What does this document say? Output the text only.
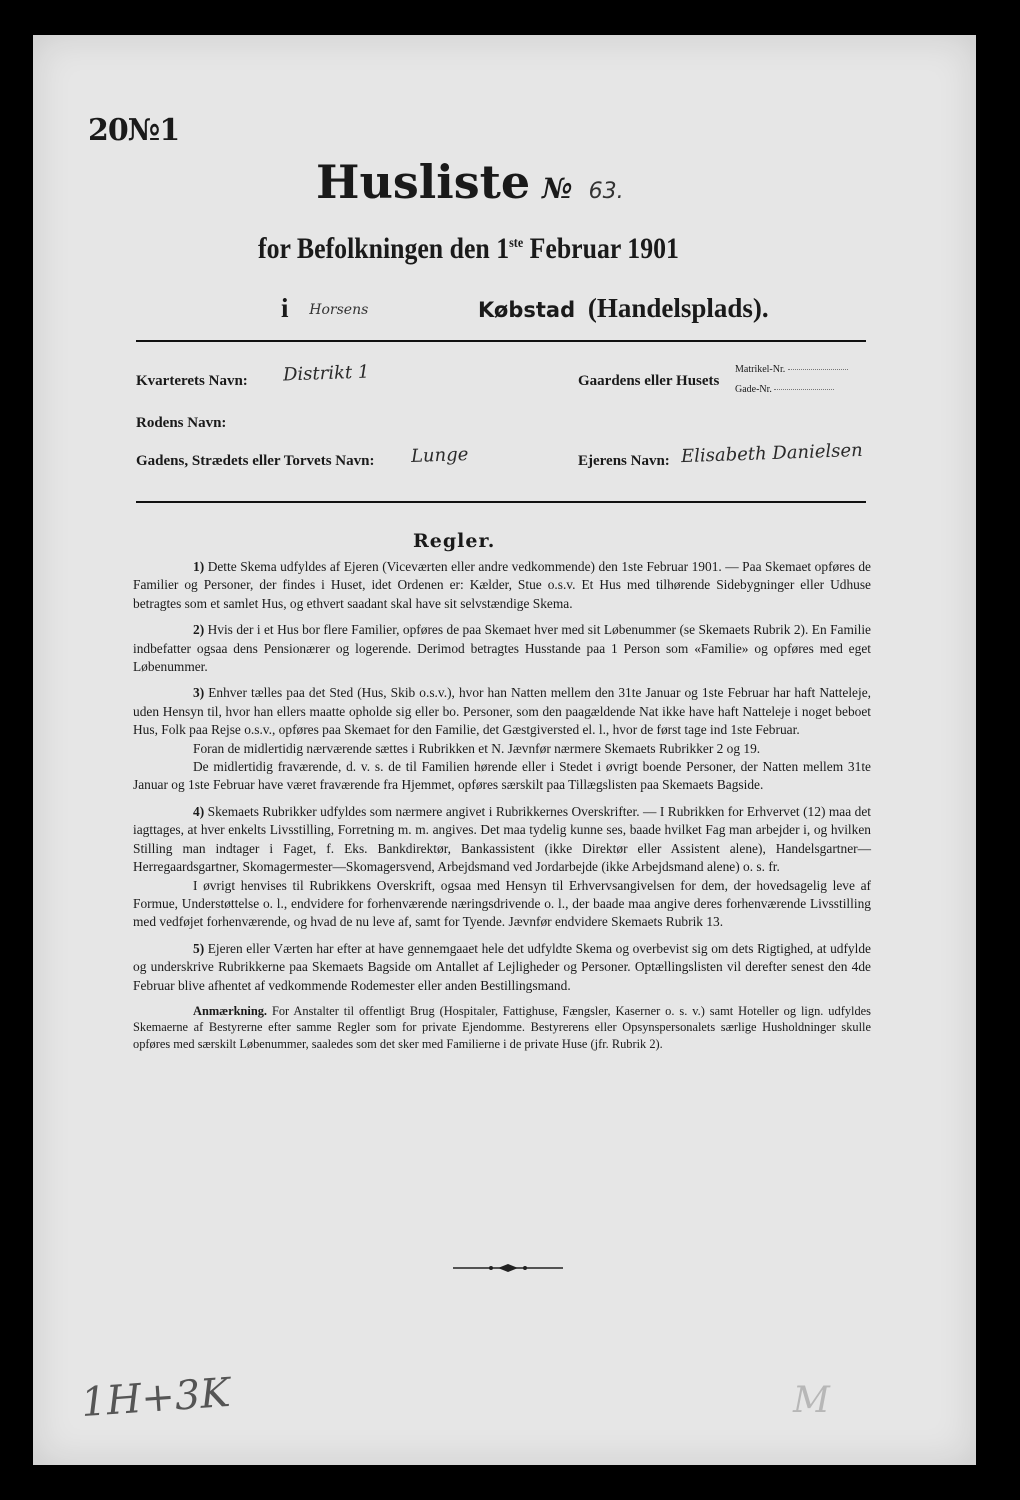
20№1
Husliste № 63.
for Befolkningen den 1ste Februar 1901
i Horsens	Købstad (Handelsplads).
Kvarterets Navn: Distrikt 1	Gaardens eller Husets
Matrikel-Nr.
Gade-Nr.
Rodens Navn:
Gadens, Strædets eller Torvets Navn: Lunge	Ejerens Navn: Elisabeth Danielsen
Regler.

1) Dette Skema udfyldes af Ejeren (Viceværten eller andre vedkommende) den 1ste Februar 1901. — Paa Skemaet opføres de Familier og Personer, der findes i Huset, idet Ordenen er: Kælder, Stue o.s.v. Et Hus med tilhørende Sidebygninger eller Udhuse betragtes som et samlet Hus, og ethvert saadant skal have sit selvstændige Skema.

2) Hvis der i et Hus bor flere Familier, opføres de paa Skemaet hver med sit Løbenummer (se Skemaets Rubrik 2). En Familie indbefatter ogsaa dens Pensionærer og logerende. Derimod betragtes Husstande paa 1 Person som «Familie» og opføres med eget Løbenummer.

3) Enhver tælles paa det Sted (Hus, Skib o.s.v.), hvor han Natten mellem den 31te Januar og 1ste Februar har haft Natteleje, uden Hensyn til, hvor han ellers maatte opholde sig eller bo. Personer, som den paagældende Nat ikke have haft Natteleje i noget beboet Hus, Folk paa Rejse o.s.v., opføres paa Skemaet for den Familie, det Gæstgiversted el. l., hvor de først tage ind 1ste Februar.

Foran de midlertidig nærværende sættes i Rubrikken et N. Jævnfør nærmere Skemaets Rubrikker 2 og 19.

De midlertidig fraværende, d. v. s. de til Familien hørende eller i Stedet i øvrigt boende Personer, der Natten mellem 31te Januar og 1ste Februar have været fraværende fra Hjemmet, opføres særskilt paa Tillægslisten paa Skemaets Bagside.

4) Skemaets Rubrikker udfyldes som nærmere angivet i Rubrikkernes Overskrifter. — I Rubrikken for Erhvervet (12) maa det iagttages, at hver enkelts Livsstilling, Forretning m. m. angives. Det maa tydelig kunne ses, baade hvilket Fag man arbejder i, og hvilken Stilling man indtager i Faget, f. Eks. Bankdirektør, Bankassistent (ikke Direktør eller Assistent alene), Handelsgartner—Herregaardsgartner, Skomagermester—Skomagersvend, Arbejdsmand ved Jordarbejde (ikke Arbejdsmand alene) o. s. fr.

I øvrigt henvises til Rubrikkens Overskrift, ogsaa med Hensyn til Erhvervsangivelsen for dem, der hovedsagelig leve af Formue, Understøttelse o. l., endvidere for forhenværende næringsdrivende o. l., der baade maa angive deres forhenværende Livsstilling med vedføjet forhenværende, og hvad de nu leve af, samt for Tyende. Jævnfør endvidere Skemaets Rubrik 13.

5) Ejeren eller Værten har efter at have gennemgaaet hele det udfyldte Skema og overbevist sig om dets Rigtighed, at udfylde og underskrive Rubrikkerne paa Skemaets Bagside om Antallet af Lejligheder og Personer. Optællingslisten vil derefter senest den 4de Februar blive afhentet af vedkommende Rodemester eller anden Bestillingsmand.

Anmærkning. For Anstalter til offentligt Brug (Hospitaler, Fattighuse, Fængsler, Kaserner o. s. v.) samt Hoteller og lign. udfyldes Skemaerne af Bestyrerne efter samme Regler som for private Ejendomme. Bestyrerens eller Opsynspersonalets særlige Husholdninger skulle opføres med særskilt Løbenummer, saaledes som det sker med Familierne i de private Huse (jfr. Rubrik 2).

1H+3K	M
